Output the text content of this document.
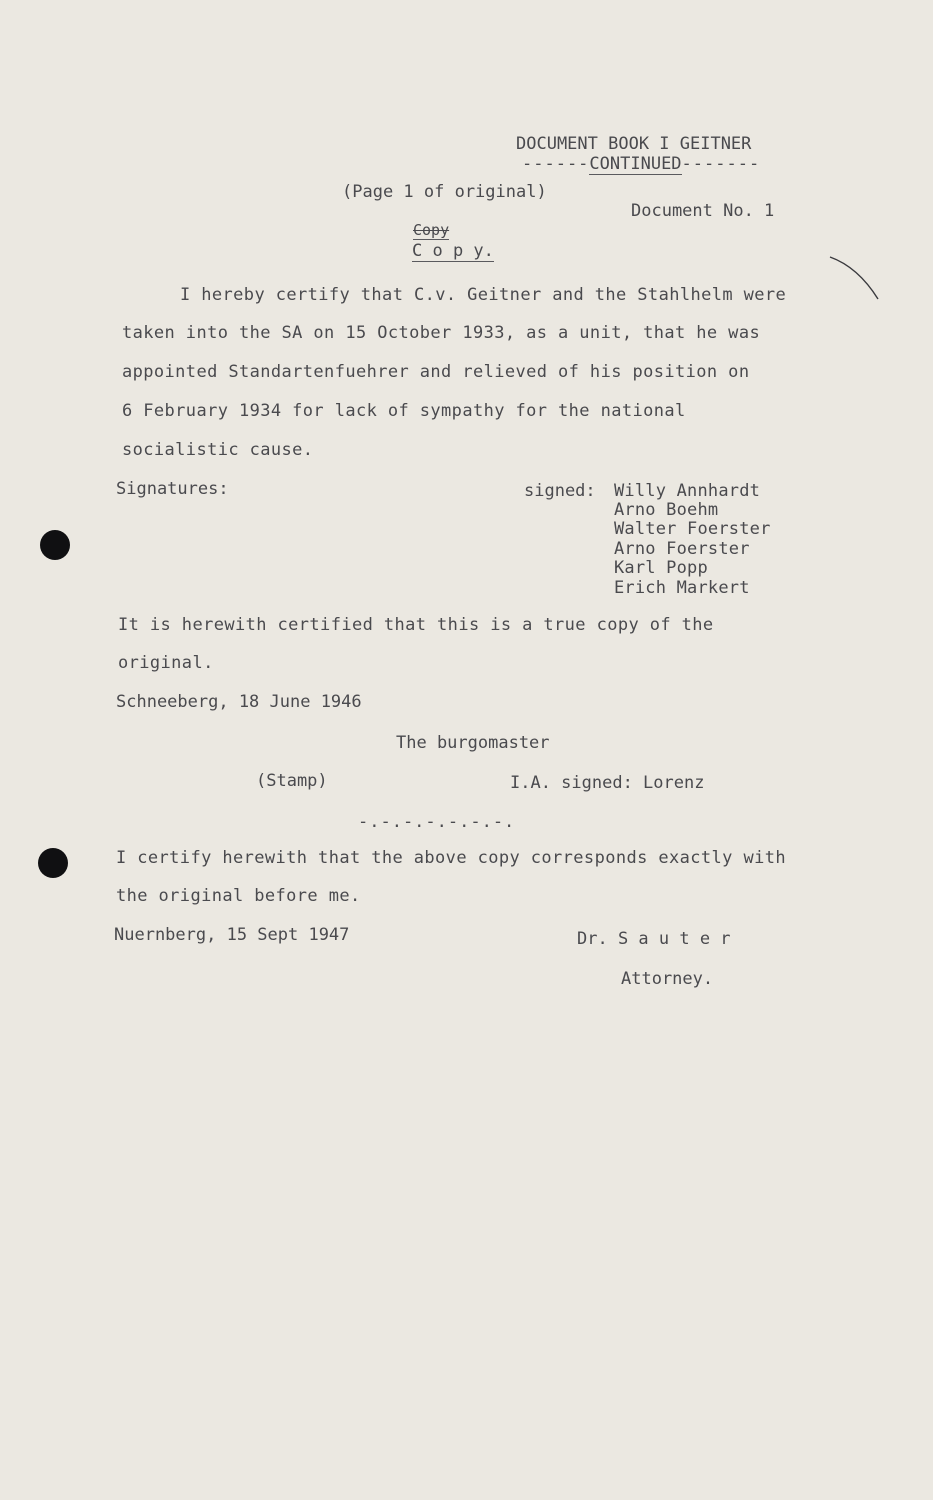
DOCUMENT BOOK I GEITNER
------CONTINUED-------
(Page 1 of original)
Document No. 1
Copy
C o p y.
I hereby certify that C.v. Geitner and the Stahlhelm were
taken into the SA on 15 October 1933, as a unit, that he was
appointed Standartenfuehrer and relieved of his position on
6 February 1934 for lack of sympathy for the national
socialistic cause.
Signatures:	signed: Willy Annhardt
Arno Boehm
Walter Foerster
Arno Foerster
Karl Popp
Erich Markert
It is herewith certified that this is a true copy of the
original.
Schneeberg, 18 June 1946
The burgomaster
(Stamp)	I.A. signed: Lorenz
-.-.-.-.-.-.-.
I certify herewith that the above copy corresponds exactly with
the original before me.
Nuernberg, 15 Sept 1947	Dr. S a u t e r
Attorney.
